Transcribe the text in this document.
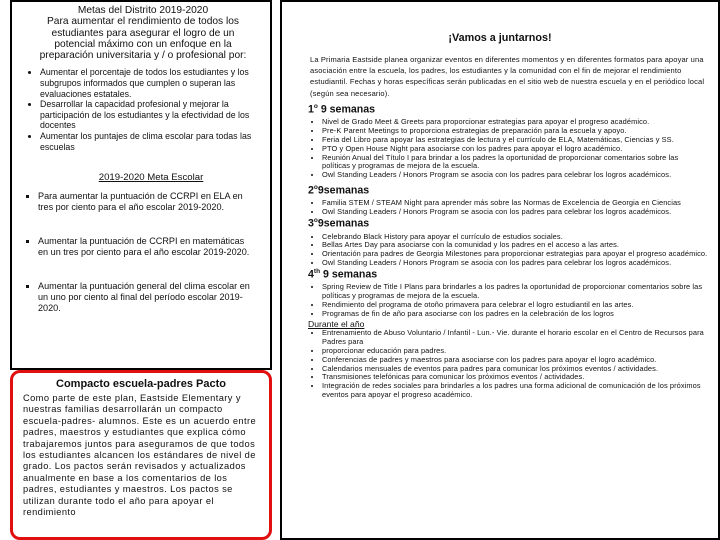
Metas del Distrito 2019-2020
Para aumentar el rendimiento de todos los
estudiantes para asegurar el logro de un
potencial máximo con un enfoque en la
preparación universitaria y / o profesional por:
• Aumentar el porcentaje de todos los estudiantes y los subgrupos informados que cumplen o superan las evaluaciones estatales.
• Desarrollar la capacidad profesional y mejorar la participación de los estudiantes y la efectividad de los docentes
• Aumentar los puntajes de clima escolar para todas las escuelas
2019-2020 Meta Escolar
▪ Para aumentar la puntuación de CCRPI en ELA en tres por ciento para el año escolar 2019-2020.
▪ Aumentar la puntuación de CCRPI en matemáticas en un tres por ciento para el año escolar 2019-2020.
▪ Aumentar la puntuación general del clima escolar en un uno por ciento al final del período escolar 2019-2020.
Compacto escuela-padres Pacto
Como parte de este plan, Eastside Elementary y nuestras familias desarrollarán un compacto escuela-padres- alumnos. Este es un acuerdo entre padres, maestros y estudiantes que explica cómo trabajaremos juntos para aseguramos de que todos los estudiantes alcancen los estándares de nivel de grado. Los pactos serán revisados y actualizados anualmente en base a los comentarios de los padres, estudiantes y maestros. Los pactos se utilizan durante todo el año para apoyar el rendimiento
¡Vamos a juntarnos!
La Primaria Eastside planea organizar eventos en diferentes momentos y en diferentes formatos para apoyar una asociación entre la escuela, los padres, los estudiantes y la comunidad con el fin de mejorar el rendimiento estudiantil. Fechas y horas específicas serán publicadas en el sitio web de nuestra escuela y en el periódico local (según sea necesario).
1$^o$ 9 semanas
• Nivel de Grado Meet & Greets para proporcionar estrategias para apoyar el progreso académico.
• Pre-K Parent Meetings to proporciona estrategias de preparación para la escuela y apoyo.
• Feria del Libro para apoyar las estrategias de lectura y el currículo de ELA, Matemáticas, Ciencias y SS.
• PTO y Open House Night para asociarse con los padres para apoyar el logro académico.
• Reunión Anual del Título I para brindar a los padres la oportunidad de proporcionar comentarios sobre las políticas y programas de mejora de la escuela.
• Owl Standing Leaders / Honors Program se asocia con los padres para celebrar los logros académicos.
2$^o$9semanas
• Familia STEM / STEAM Night para aprender más sobre las Normas de Excelencia de Georgia en Ciencias
• Owl Standing Leaders / Honors Program se asocia con los padres para celebrar los logros académicos.
3$^o$9semanas
• Celebrando Black History para apoyar el currículo de estudios sociales.
• Bellas Artes Day para asociarse con la comunidad y los padres en el acceso a las artes.
• Orientación para padres de Georgia Milestones para proporcionar estrategias para apoyar el progreso académico.
• Owl Standing Leaders / Honors Program se asocia con los padres para celebrar los logros académicos.
4th 9 semanas
• Spring Review de Title I Plans para brindarles a los padres la oportunidad de proporcionar comentarios sobre las políticas y programas de mejora de la escuela.
• Rendimiento del programa de otoño primavera para celebrar el logro estudiantil en las artes.
• Programas de fin de año para asociarse con los padres en la celebración de los logros
Durante el año
• Entrenamiento de Abuso Voluntario / Infantil - Lun.- Vie. durante el horario escolar en el Centro de Recursos para Padres para
• proporcionar educación para padres.
• Conferencias de padres y maestros para asociarse con los padres para apoyar el logro académico.
• Calendarios mensuales de eventos para padres para comunicar los próximos eventos / actividades.
• Transmisiones telefónicas para comunicar los próximos eventos / actividades.
• Integración de redes sociales para brindarles a los padres una forma adicional de comunicación de los próximos eventos para apoyar el progreso académico.
